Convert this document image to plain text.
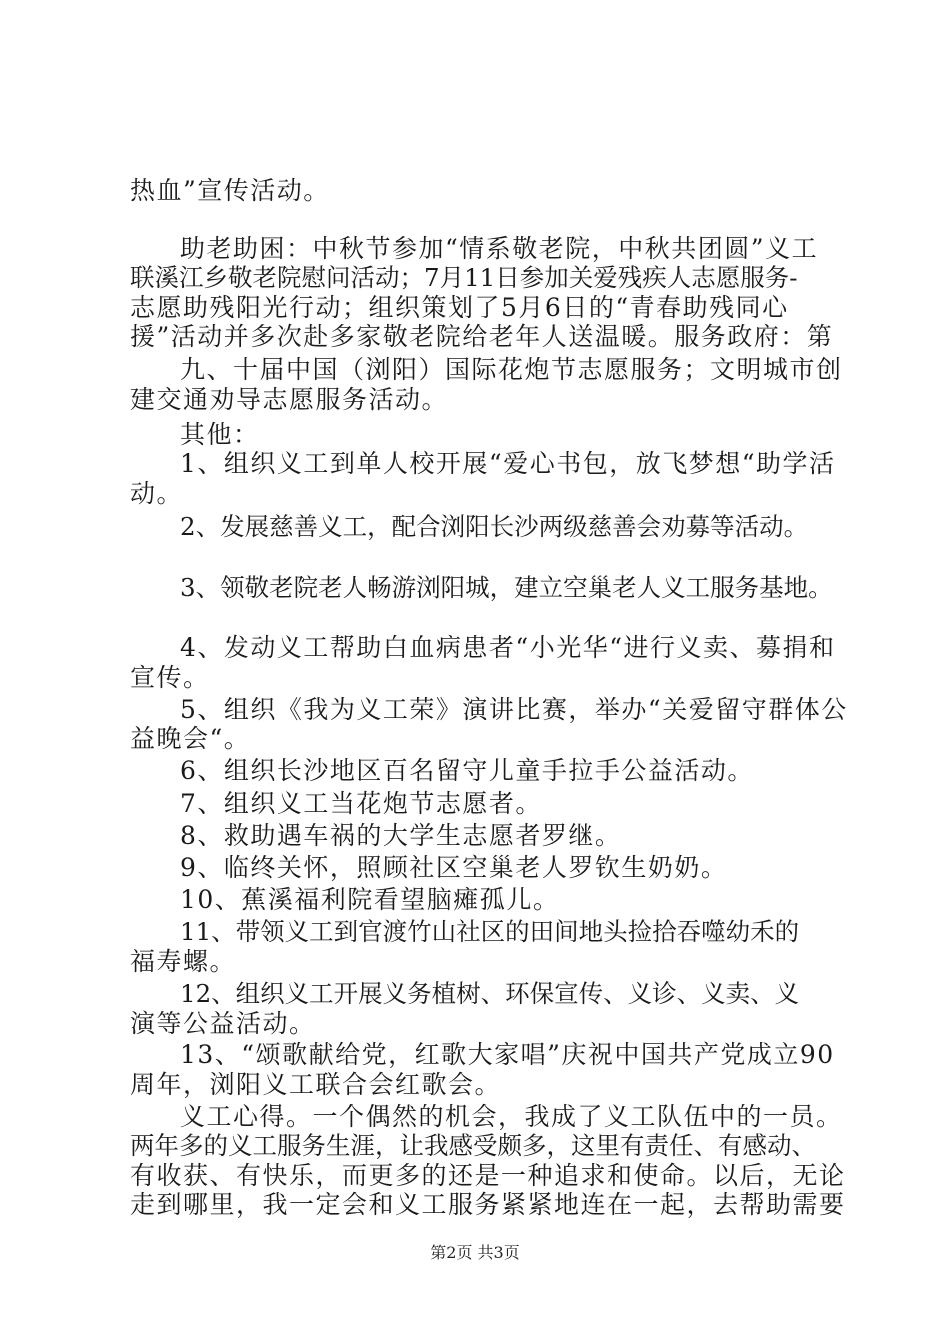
热血”宣传活动。
助老助困：中秋节参加“情系敬老院，中秋共团圆”义工
联溪江乡敬老院慰问活动；7月11日参加关爱残疾人志愿服务-
志愿助残阳光行动；组织策划了5月6日的“青春助残同心
援”活动并多次赴多家敬老院给老年人送温暖。服务政府：第
九、十届中国（浏阳）国际花炮节志愿服务；文明城市创
建交通劝导志愿服务活动。
其他：
1、组织义工到单人校开展“爱心书包，放飞梦想“助学活
动。
2、发展慈善义工，配合浏阳长沙两级慈善会劝募等活动。
3、领敬老院老人畅游浏阳城，建立空巢老人义工服务基地。
4、发动义工帮助白血病患者“小光华“进行义卖、募捐和
宣传。
5、组织《我为义工荣》演讲比赛，举办“关爱留守群体公
益晚会“。
6、组织长沙地区百名留守儿童手拉手公益活动。
7、组织义工当花炮节志愿者。
8、救助遇车祸的大学生志愿者罗继。
9、临终关怀，照顾社区空巢老人罗钦生奶奶。
10、蕉溪福利院看望脑瘫孤儿。
11、带领义工到官渡竹山社区的田间地头捡拾吞噬幼禾的
福寿螺。
12、组织义工开展义务植树、环保宣传、义诊、义卖、义
演等公益活动。
13、“颂歌献给党，红歌大家唱”庆祝中国共产党成立90
周年，浏阳义工联合会红歌会。
义工心得。一个偶然的机会，我成了义工队伍中的一员。
两年多的义工服务生涯，让我感受颇多，这里有责任、有感动、
有收获、有快乐，而更多的还是一种追求和使命。以后，无论
走到哪里，我一定会和义工服务紧紧地连在一起，去帮助需要
第2页 共3页
